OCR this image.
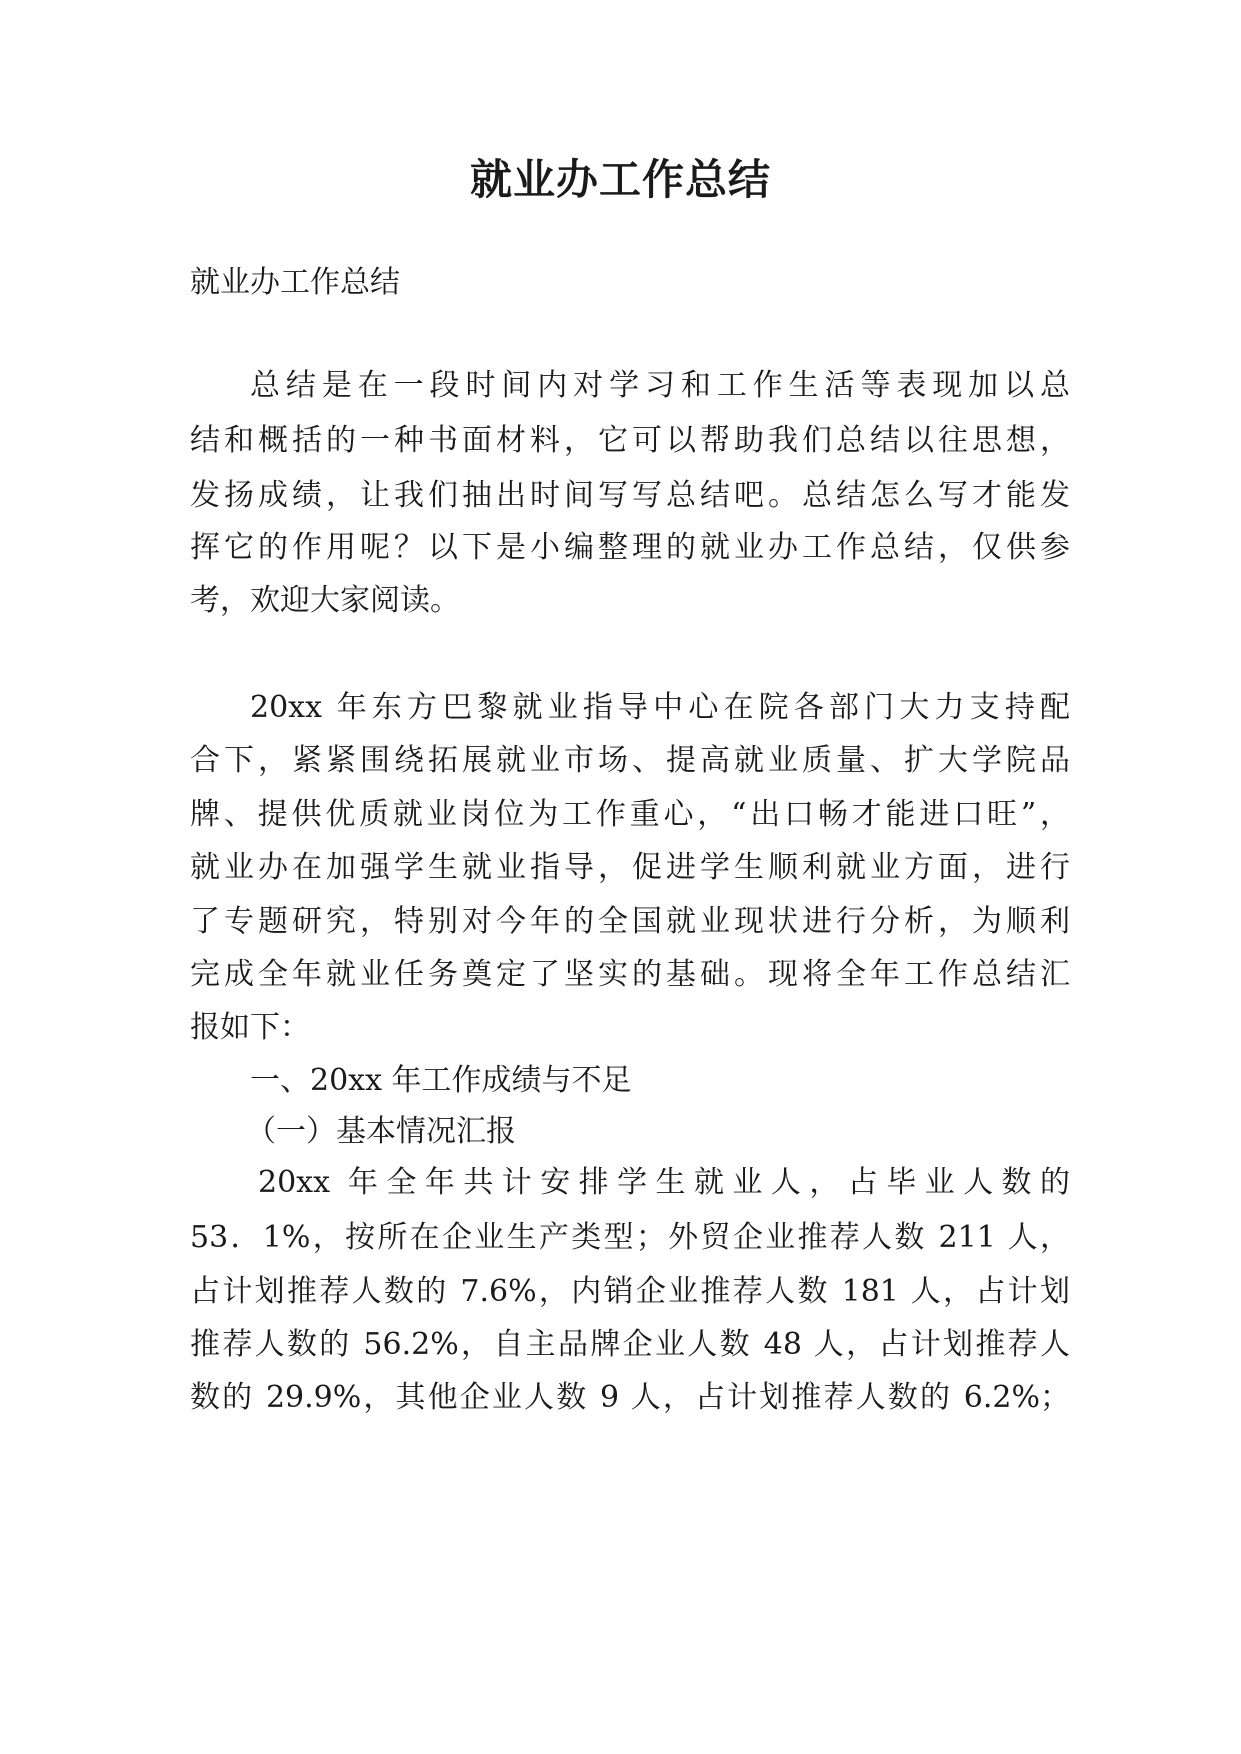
就业办工作总结

就业办工作总结

总结是在一段时间内对学习和工作生活等表现加以总

结和概括的一种书面材料，它可以帮助我们总结以往思想，

发扬成绩，让我们抽出时间写写总结吧。总结怎么写才能发

挥它的作用呢？以下是小编整理的就业办工作总结，仅供参

考，欢迎大家阅读。

20xx 年东方巴黎就业指导中心在院各部门大力支持配

合下，紧紧围绕拓展就业市场、提高就业质量、扩大学院品

牌、提供优质就业岗位为工作重心，“出口畅才能进口旺”，

就业办在加强学生就业指导，促进学生顺利就业方面，进行

了专题研究，特别对今年的全国就业现状进行分析，为顺利

完成全年就业任务奠定了坚实的基础。现将全年工作总结汇

报如下：

一、20xx 年工作成绩与不足

（一）基本情况汇报

20xx 年全年共计安排学生就业人，占毕业人数的

53．1%，按所在企业生产类型；外贸企业推荐人数 211 人，

占计划推荐人数的 7.6%，内销企业推荐人数 181 人，占计划

推荐人数的 56.2%，自主品牌企业人数 48 人，占计划推荐人

数的 29.9%，其他企业人数 9 人，占计划推荐人数的 6.2%；
